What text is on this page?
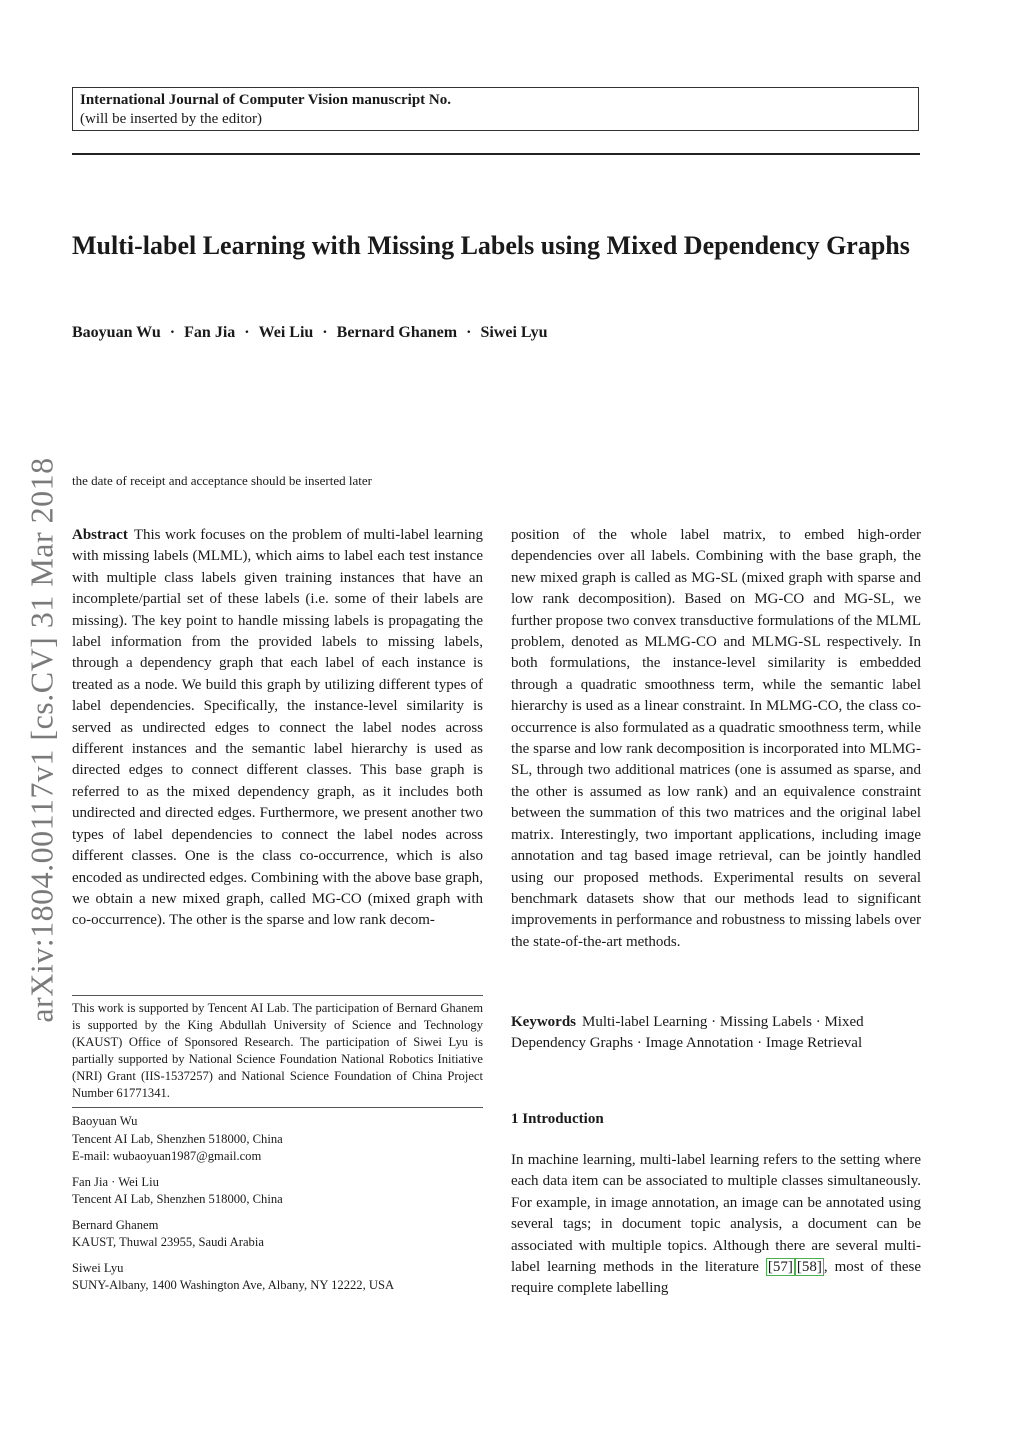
International Journal of Computer Vision manuscript No.
(will be inserted by the editor)
Multi-label Learning with Missing Labels using Mixed Dependency Graphs
Baoyuan Wu · Fan Jia · Wei Liu · Bernard Ghanem · Siwei Lyu
the date of receipt and acceptance should be inserted later
arXiv:1804.00117v1 [cs.CV] 31 Mar 2018 Abstract This work focuses on the problem of multi-label learning with missing labels (MLML), which aims to label each test instance with multiple class labels given training instances that have an incomplete/partial set of these labels (i.e. some of their labels are missing). The key point to handle missing labels is propagating the label information from the provided labels to missing labels, through a dependency graph that each label of each instance is treated as a node. We build this graph by utilizing different types of label dependencies. Specifically, the instance-level similarity is served as undirected edges to connect the label nodes across different instances and the semantic label hierarchy is used as directed edges to connect different classes. This base graph is referred to as the mixed dependency graph, as it includes both undirected and directed edges. Furthermore, we present another two types of label dependencies to connect the label nodes across different classes. One is the class co-occurrence, which is also encoded as undirected edges. Combining with the above base graph, we obtain a new mixed graph, called MG-CO (mixed graph with co-occurrence). The other is the sparse and low rank decom-

position of the whole label matrix, to embed high-order dependencies over all labels. Combining with the base graph, the new mixed graph is called as MG-SL (mixed graph with sparse and low rank decomposition). Based on MG-CO and MG-SL, we further propose two convex transductive formulations of the MLML problem, denoted as MLMG-CO and MLMG-SL respectively. In both formulations, the instance-level similarity is embedded through a quadratic smoothness term, while the semantic label hierarchy is used as a linear constraint. In MLMG-CO, the class co-occurrence is also formulated as a quadratic smoothness term, while the sparse and low rank decomposition is incorporated into MLMG-SL, through two additional matrices (one is assumed as sparse, and the other is assumed as low rank) and an equivalence constraint between the summation of this two matrices and the original label matrix. Interestingly, two important applications, including image annotation and tag based image retrieval, can be jointly handled using our proposed methods. Experimental results on several benchmark datasets show that our methods lead to significant improvements in performance and robustness to missing labels over the state-of-the-art methods.

Keywords Multi-label Learning · Missing Labels · Mixed Dependency Graphs · Image Annotation · Image Retrieval
This work is supported by Tencent AI Lab. The participation of Bernard Ghanem is supported by the King Abdullah University of Science and Technology (KAUST) Office of Sponsored Research. The participation of Siwei Lyu is partially supported by National Science Foundation National Robotics Initiative (NRI) Grant (IIS-1537257) and National Science Foundation of China Project Number 61771341.
Baoyuan Wu
Tencent AI Lab, Shenzhen 518000, China
E-mail: wubaoyuan1987@gmail.com
Fan Jia · Wei Liu
Tencent AI Lab, Shenzhen 518000, China
Bernard Ghanem
KAUST, Thuwal 23955, Saudi Arabia
Siwei Lyu
SUNY-Albany, 1400 Washington Ave, Albany, NY 12222, USA
1 Introduction

In machine learning, multi-label learning refers to the setting where each data item can be associated to multiple classes simultaneously. For example, in image annotation, an image can be annotated using several tags; in document topic analysis, a document can be associated with multiple topics. Although there are several multi-label learning methods in the literature [57] [58] , most of these require complete labelling
